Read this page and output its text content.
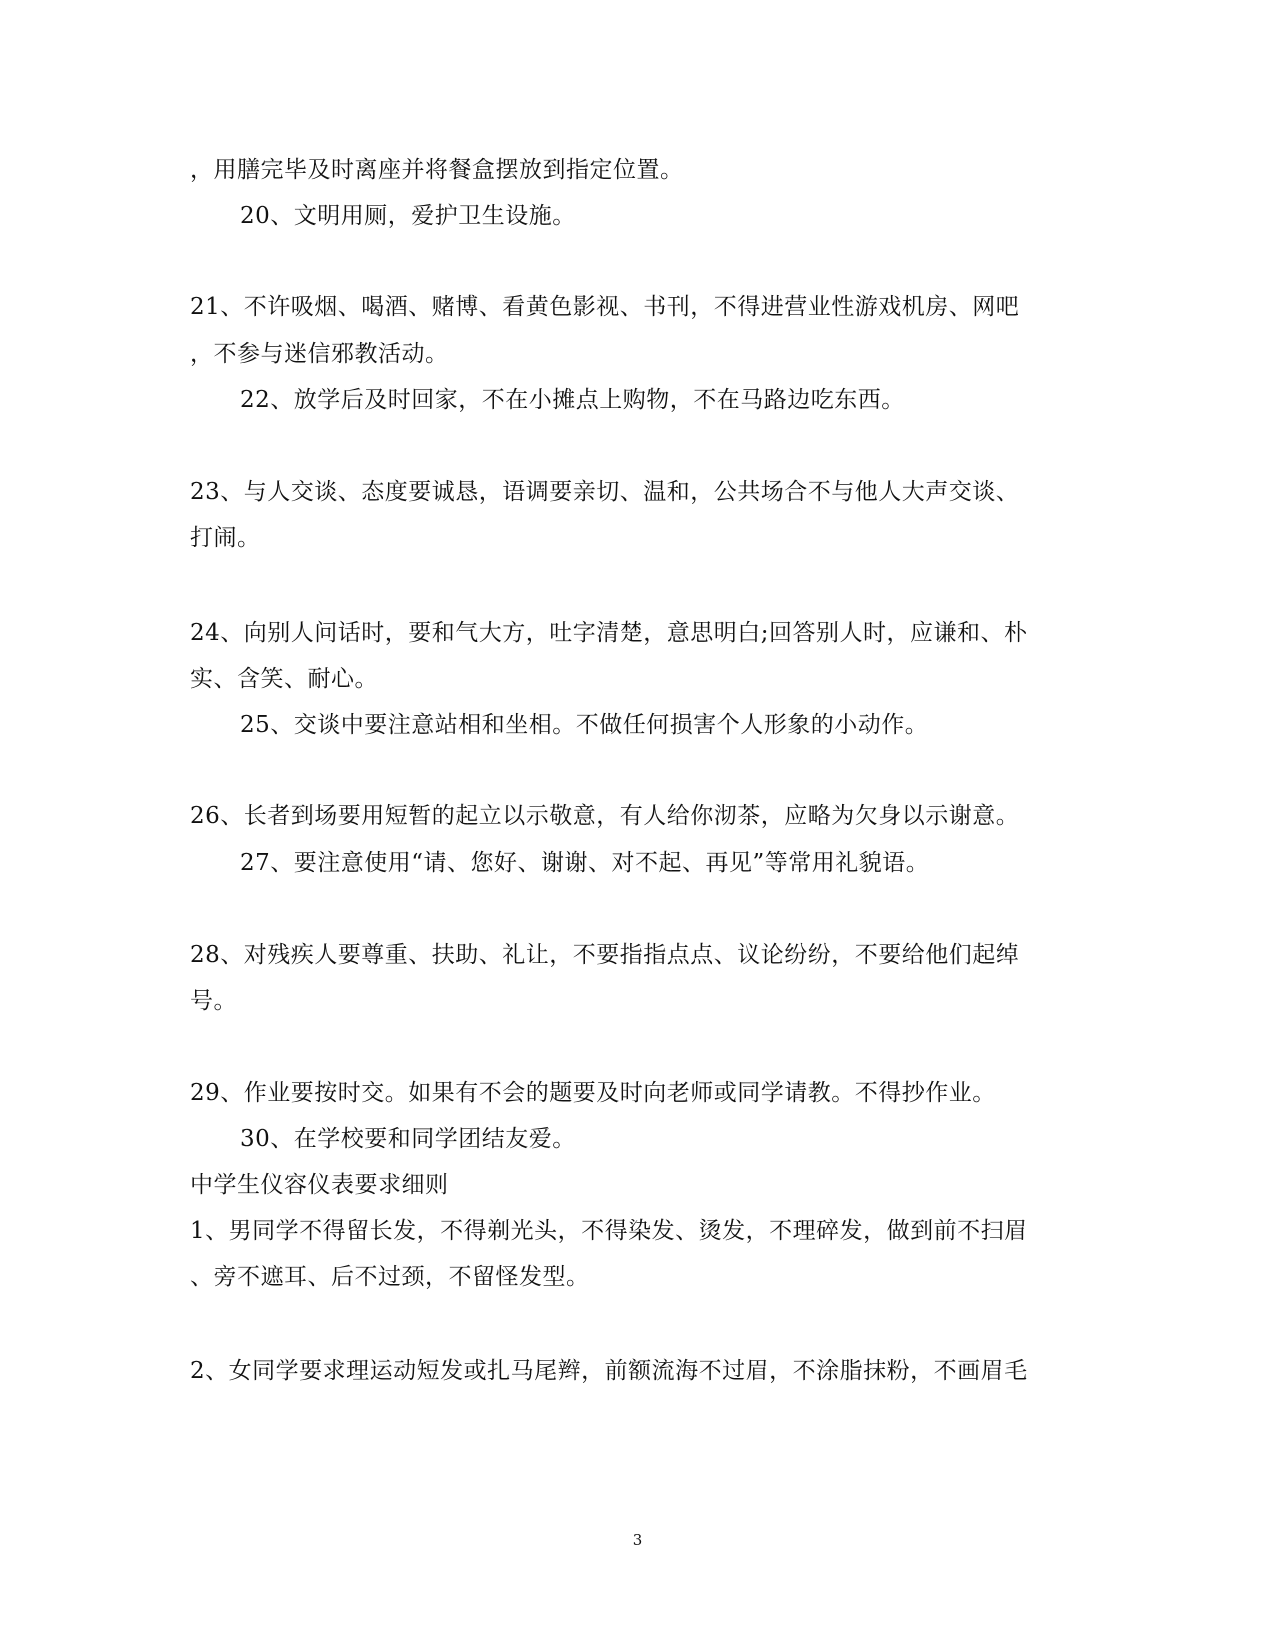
，用膳完毕及时离座并将餐盒摆放到指定位置。
20、文明用厕，爱护卫生设施。
21、不许吸烟、喝酒、赌博、看黄色影视、书刊，不得进营业性游戏机房、网吧
，不参与迷信邪教活动。
22、放学后及时回家，不在小摊点上购物，不在马路边吃东西。
23、与人交谈、态度要诚恳，语调要亲切、温和，公共场合不与他人大声交谈、
打闹。
24、向别人问话时，要和气大方，吐字清楚，意思明白;回答别人时，应谦和、朴
实、含笑、耐心。
25、交谈中要注意站相和坐相。不做任何损害个人形象的小动作。
26、长者到场要用短暂的起立以示敬意，有人给你沏茶，应略为欠身以示谢意。
27、要注意使用“请、您好、谢谢、对不起、再见”等常用礼貌语。
28、对残疾人要尊重、扶助、礼让，不要指指点点、议论纷纷，不要给他们起绰
号。
29、作业要按时交。如果有不会的题要及时向老师或同学请教。不得抄作业。
30、在学校要和同学团结友爱。
中学生仪容仪表要求细则
1、男同学不得留长发，不得剃光头，不得染发、烫发，不理碎发，做到前不扫眉
、旁不遮耳、后不过颈，不留怪发型。
2、女同学要求理运动短发或扎马尾辫，前额流海不过眉，不涂脂抹粉，不画眉毛
3
